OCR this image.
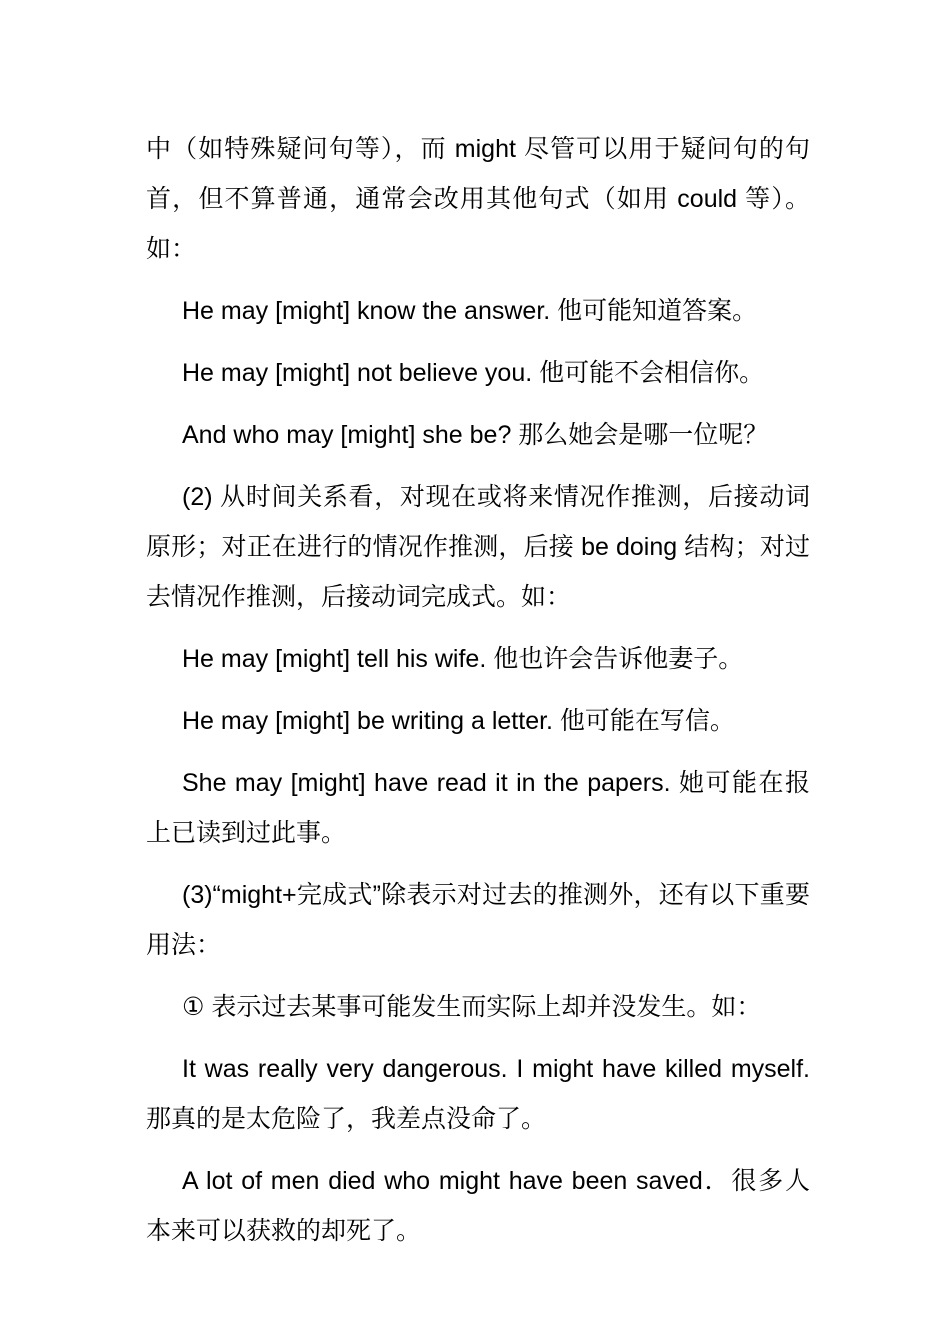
中（如特殊疑问句等），而 might 尽管可以用于疑问句的句首，但不算普通，通常会改用其他句式（如用 could 等）。如：

He may [might] know the answer. 他可能知道答案。

He may [might] not believe you. 他可能不会相信你。

And who may [might] she be? 那么她会是哪一位呢？

(2) 从时间关系看，对现在或将来情况作推测，后接动词原形；对正在进行的情况作推测，后接 be doing 结构；对过去情况作推测，后接动词完成式。如：

He may [might] tell his wife. 他也许会告诉他妻子。

He may [might] be writing a letter. 他可能在写信。

She may [might] have read it in the papers. 她可能在报上已读到过此事。

(3)“might+完成式”除表示对过去的推测外，还有以下重要用法：

① 表示过去某事可能发生而实际上却并没发生。如：

It was really very dangerous. I might have killed myself. 那真的是太危险了，我差点没命了。

A lot of men died who might have been saved．很多人本来可以获救的却死了。
